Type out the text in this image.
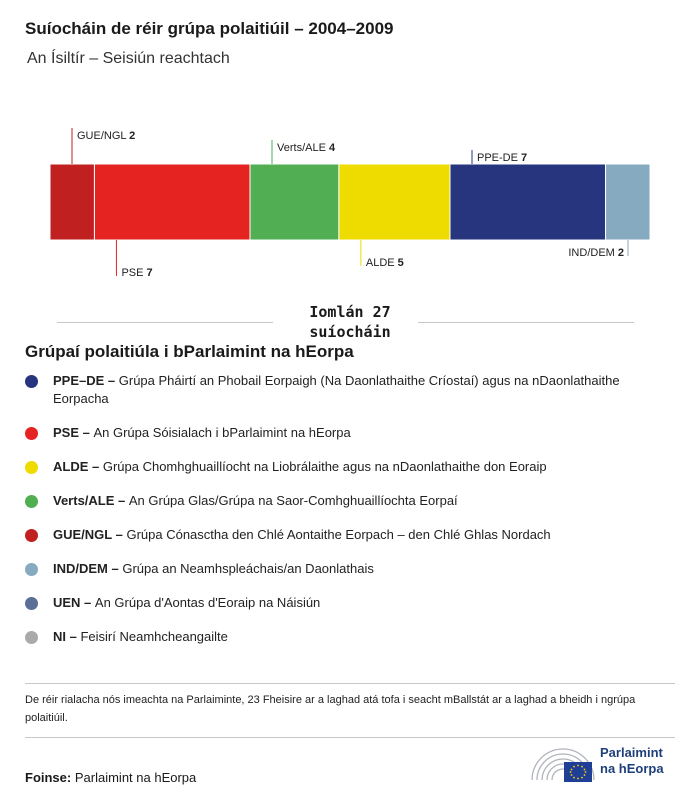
Suíocháin de réir grúpa polaitiúil – 2004–2009
An Ísiltír – Seisiún reachtach
GUE/NGL 2
PSE 7
Verts/ALE 4
ALDE 5
PPE-DE 7
IND/DEM 2
Iomlán 27 suíocháin
Grúpaí polaitiúla i bParlaimint na hEorpa
PPE–DE – Grúpa Pháirtí an Phobail Eorpaigh (Na Daonlathaithe Críostaí) agus na nDaonlathaithe Eorpacha
PSE – An Grúpa Sóisialach i bParlaimint na hEorpa
ALDE – Grúpa Chomhghuaillíocht na Liobrálaithe agus na nDaonlathaithe don Eoraip
Verts/ALE – An Grúpa Glas/Grúpa na Saor-Comhghuaillíochta Eorpaí
GUE/NGL – Grúpa Cónasctha den Chlé Aontaithe Eorpach – den Chlé Ghlas Nordach
IND/DEM – Grúpa an Neamhspleáchais/an Daonlathais
UEN – An Grúpa d'Aontas d'Eoraip na Náisiún
NI – Feisirí Neamhcheangailte
De réir rialacha nós imeachta na Parlaiminte, 23 Fheisire ar a laghad atá tofa i seacht mBallstát ar a laghad a bheidh i ngrúpa polaitiúil.
Foinse: Parlaimint na hEorpa
Parlaimint
na hEorpa
